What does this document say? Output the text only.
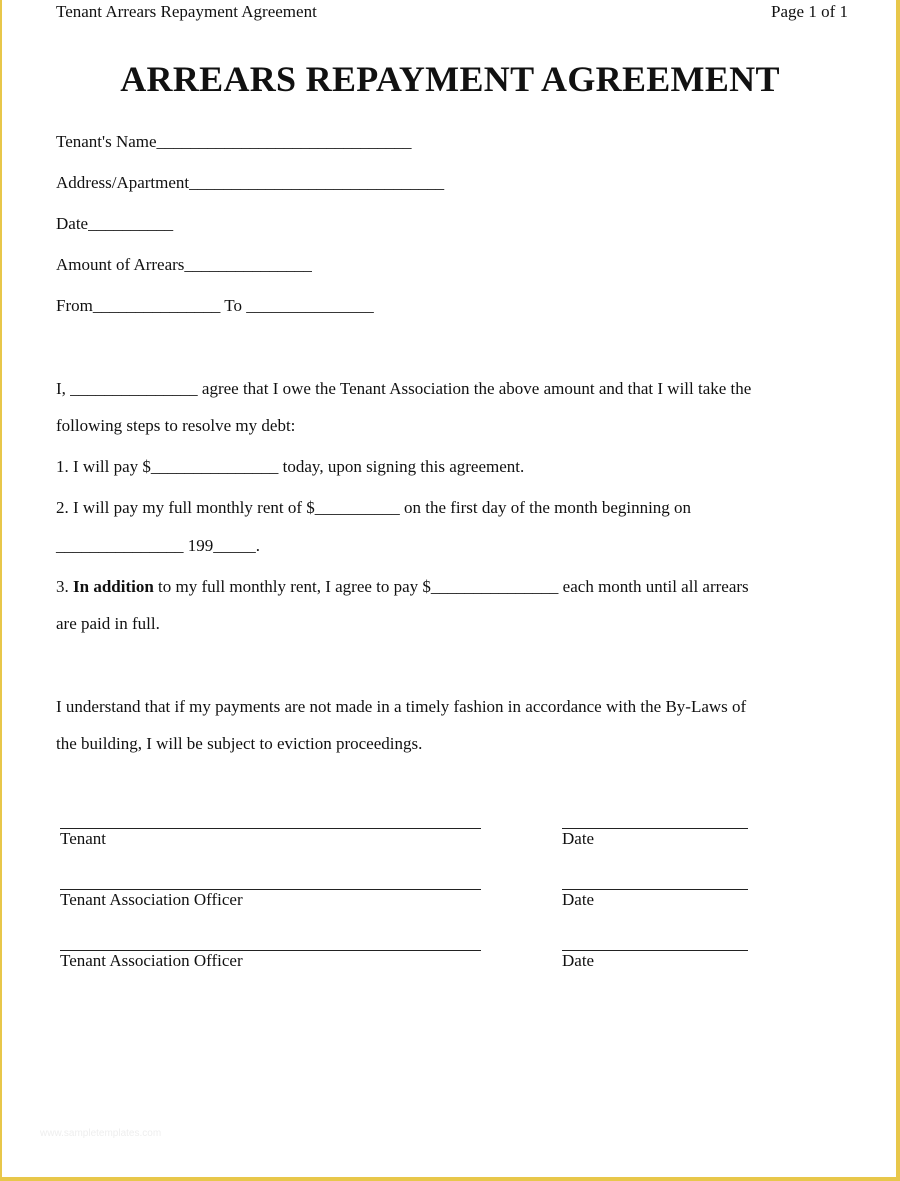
Tenant Arrears Repayment Agreement	Page 1 of 1
ARREARS REPAYMENT AGREEMENT
Tenant's Name______________________________
Address/Apartment______________________________
Date__________
Amount of Arrears_______________
From_______________ To _______________
I, _______________ agree that I owe the Tenant Association the above amount and that I will take the
following steps to resolve my debt:
1. I will pay $_______________ today, upon signing this agreement.
2. I will pay my full monthly rent of $__________ on the first day of the month beginning on
_______________ 199_____.
3. In addition to my full monthly rent, I agree to pay $_______________ each month until all arrears
are paid in full.
I understand that if my payments are not made in a timely fashion in accordance with the By-Laws of
the building, I will be subject to eviction proceedings.
Tenant	Date
Tenant Association Officer	Date
Tenant Association Officer	Date
www.sampletemplates.com
